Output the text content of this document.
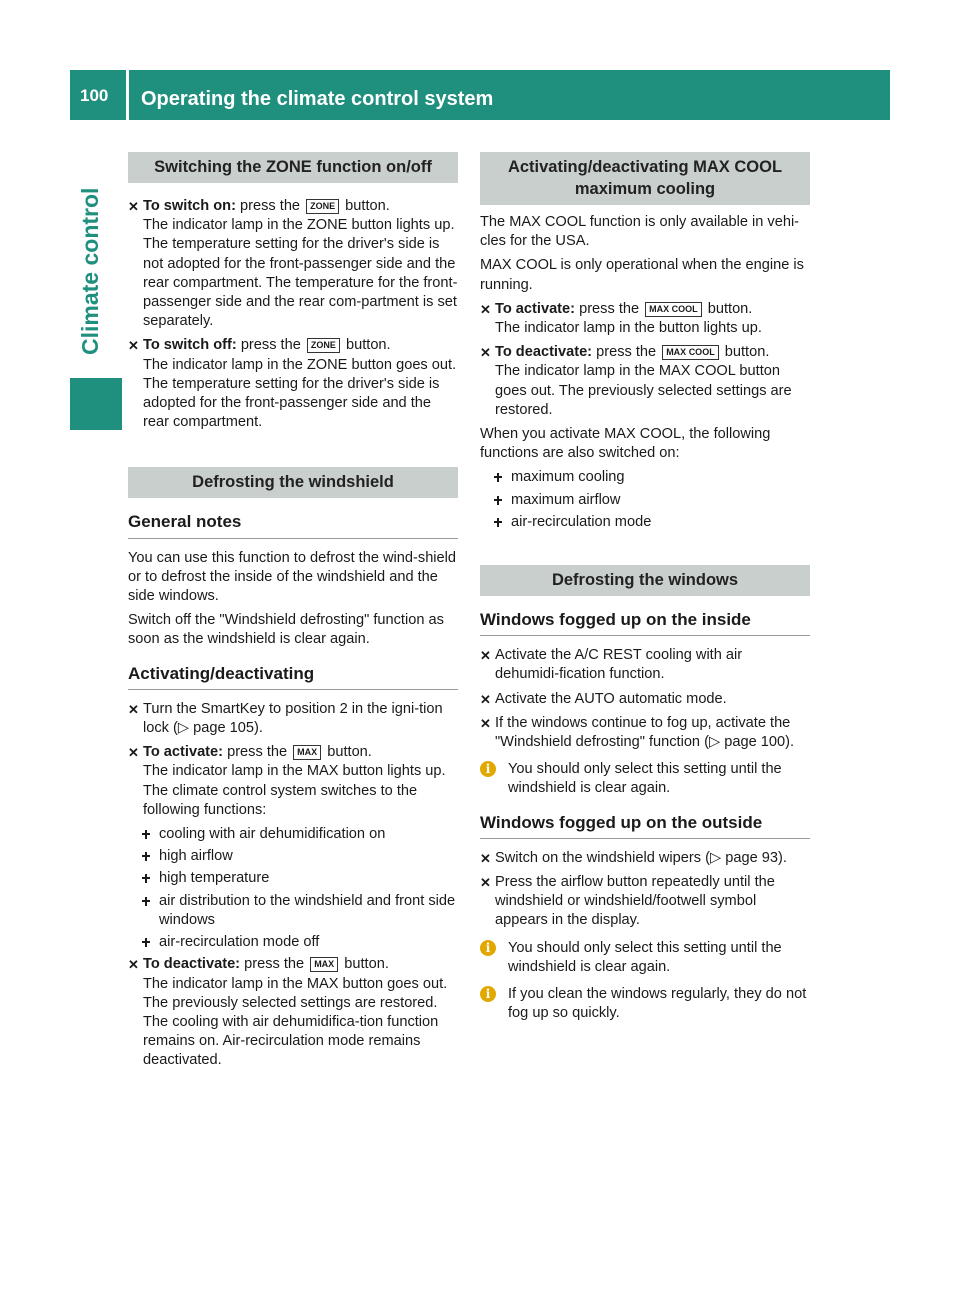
100 Operating the climate control system
Climate control
Switching the ZONE function on/off
✕ To switch on: press the ZONE button.
The indicator lamp in the ZONE button lights up.
The temperature setting for the driver's side is not adopted for the front-passenger side and the rear compartment. The temperature for the front-passenger side and the rear com-partment is set separately.
✕ To switch off: press the ZONE button.
The indicator lamp in the ZONE button goes out.
The temperature setting for the driver's side is adopted for the front-passenger side and the rear compartment.
Defrosting the windshield
General notes

You can use this function to defrost the wind-shield or to defrost the inside of the windshield and the side windows.

Switch off the "Windshield defrosting" function as soon as the windshield is clear again.

Activating/deactivating
✕ Turn the SmartKey to position 2 in the igni-tion lock (▷ page 105).
✕ To activate: press the MAX button.
The indicator lamp in the MAX button lights up.
The climate control system switches to the following functions:
cooling with air dehumidification on
high airflow
high temperature
air distribution to the windshield and front side windows
air-recirculation mode off
✕ To deactivate: press the MAX button.
The indicator lamp in the MAX button goes out. The previously selected settings are restored. The cooling with air dehumidifica-tion function remains on. Air-recirculation mode remains deactivated.
Activating/deactivating MAX COOL maximum cooling

The MAX COOL function is only available in vehi-cles for the USA.

MAX COOL is only operational when the engine is running.

✕ To activate: press the MAX COOL button.
The indicator lamp in the button lights up.
✕ To deactivate: press the MAX COOL button.
The indicator lamp in the MAX COOL button goes out. The previously selected settings are restored.

When you activate MAX COOL, the following functions are also switched on:

maximum cooling
maximum airflow
air-recirculation mode
Defrosting the windows
Windows fogged up on the inside
✕ Activate the A/C REST cooling with air dehumidi-fication function.
✕ Activate the AUTO automatic mode.
✕ If the windows continue to fog up, activate the "Windshield defrosting" function (▷ page 100).
i	You should only select this setting until the windshield is clear again.
Windows fogged up on the outside
✕ Switch on the windshield wipers (▷ page 93).
✕ Press the airflow button repeatedly until the windshield or windshield/footwell symbol appears in the display.
i	You should only select this setting until the windshield is clear again.
i	If you clean the windows regularly, they do not fog up so quickly.
